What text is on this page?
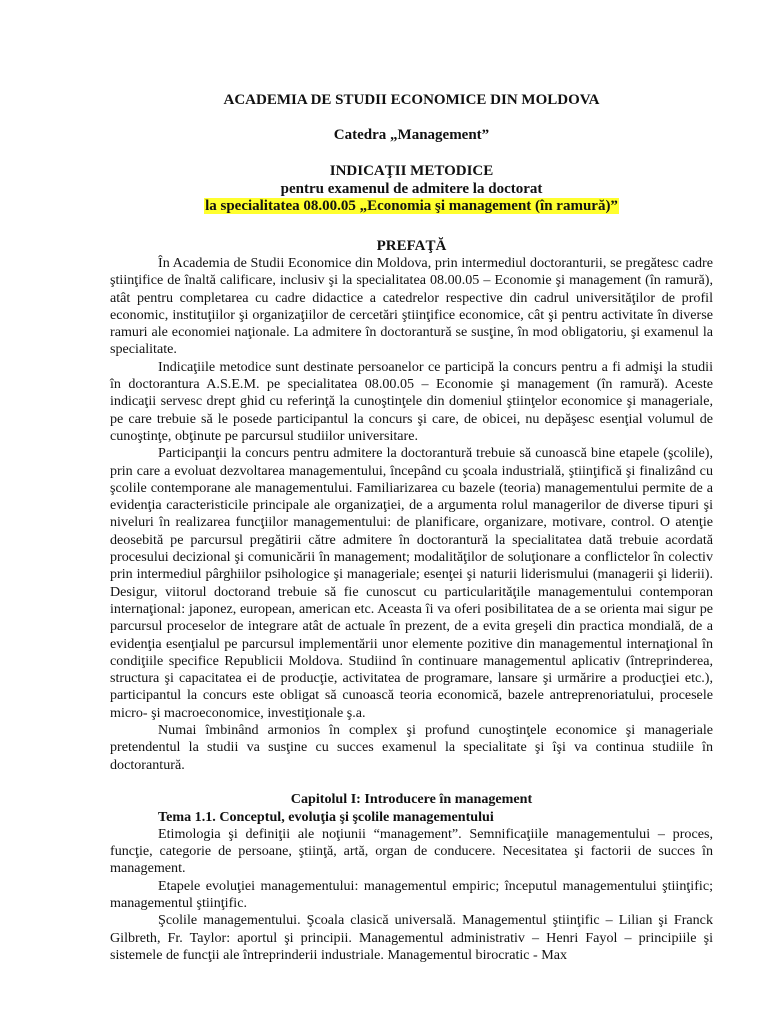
ACADEMIA DE STUDII ECONOMICE DIN MOLDOVA
Catedra „Management”
INDICAŢII METODICE
pentru examenul de admitere la doctorat
la specialitatea 08.00.05 „Economia şi management (în ramură)”

PREFAŢĂ

În Academia de Studii Economice din Moldova, prin intermediul doctoranturii, se pregătesc cadre ştiinţifice de înaltă calificare, inclusiv şi la specialitatea 08.00.05 – Economie şi management (în ramură), atât pentru completarea cu cadre didactice a catedrelor respective din cadrul universităţilor de profil economic, instituţiilor şi organizaţiilor de cercetări ştiinţifice economice, cât şi pentru activitate în diverse ramuri ale economiei naţionale. La admitere în doctorantură se susţine, în mod obligatoriu, şi examenul la specialitate.

Indicaţiile metodice sunt destinate persoanelor ce participă la concurs pentru a fi admişi la studii în doctorantura A.S.E.M. pe specialitatea 08.00.05 – Economie şi management (în ramură). Aceste indicaţii servesc drept ghid cu referinţă la cunoştinţele din domeniul ştiinţelor economice şi manageriale, pe care trebuie să le posede participantul la concurs şi care, de obicei, nu depăşesc esenţial volumul de cunoştinţe, obţinute pe parcursul studiilor universitare.

Participanţii la concurs pentru admitere la doctorantură trebuie să cunoască bine etapele (şcolile), prin care a evoluat dezvoltarea managementului, începând cu şcoala industrială, ştiinţifică şi finalizând cu şcolile contemporane ale managementului. Familiarizarea cu bazele (teoria) managementului permite de a evidenţia caracteristicile principale ale organizaţiei, de a argumenta rolul managerilor de diverse tipuri şi niveluri în realizarea funcţiilor managementului: de planificare, organizare, motivare, control. O atenţie deosebită pe parcursul pregătirii către admitere în doctorantură la specialitatea dată trebuie acordată procesului decizional şi comunicării în management; modalităţilor de soluţionare a conflictelor în colectiv prin intermediul pârghiilor psihologice şi manageriale; esenţei şi naturii liderismului (managerii şi liderii). Desigur, viitorul doctorand trebuie să fie cunoscut cu particularităţile managementului contemporan internaţional: japonez, european, american etc. Aceasta îi va oferi posibilitatea de a se orienta mai sigur pe parcursul proceselor de integrare atât de actuale în prezent, de a evita greşeli din practica mondială, de a evidenţia esenţialul pe parcursul implementării unor elemente pozitive din managementul internaţional în condiţiile specifice Republicii Moldova. Studiind în continuare managementul aplicativ (întreprinderea, structura şi capacitatea ei de producţie, activitatea de programare, lansare şi urmărire a producţiei etc.), participantul la concurs este obligat să cunoască teoria economică, bazele antreprenoriatului, procesele micro- şi macroeconomice, investiţionale ş.a.

Numai îmbinând armonios în complex şi profund cunoştinţele economice şi manageriale pretendentul la studii va susţine cu succes examenul la specialitate şi îşi va continua studiile în doctorantură.

Capitolul I: Introducere în management

Tema 1.1. Conceptul, evoluţia şi şcolile managementului

Etimologia şi definiţii ale noţiunii “management”. Semnificaţiile managementului – proces, funcţie, categorie de persoane, ştiinţă, artă, organ de conducere. Necesitatea şi factorii de succes în management.

Etapele evoluţiei managementului: managementul empiric; începutul managementului ştiinţific; managementul ştiinţific.

Şcolile managementului. Şcoala clasică universală. Managementul ştiinţific – Lilian şi Franck Gilbreth, Fr. Taylor: aportul şi principii. Managementul administrativ – Henri Fayol – principiile şi sistemele de funcţii ale întreprinderii industriale. Managementul birocratic - Max
